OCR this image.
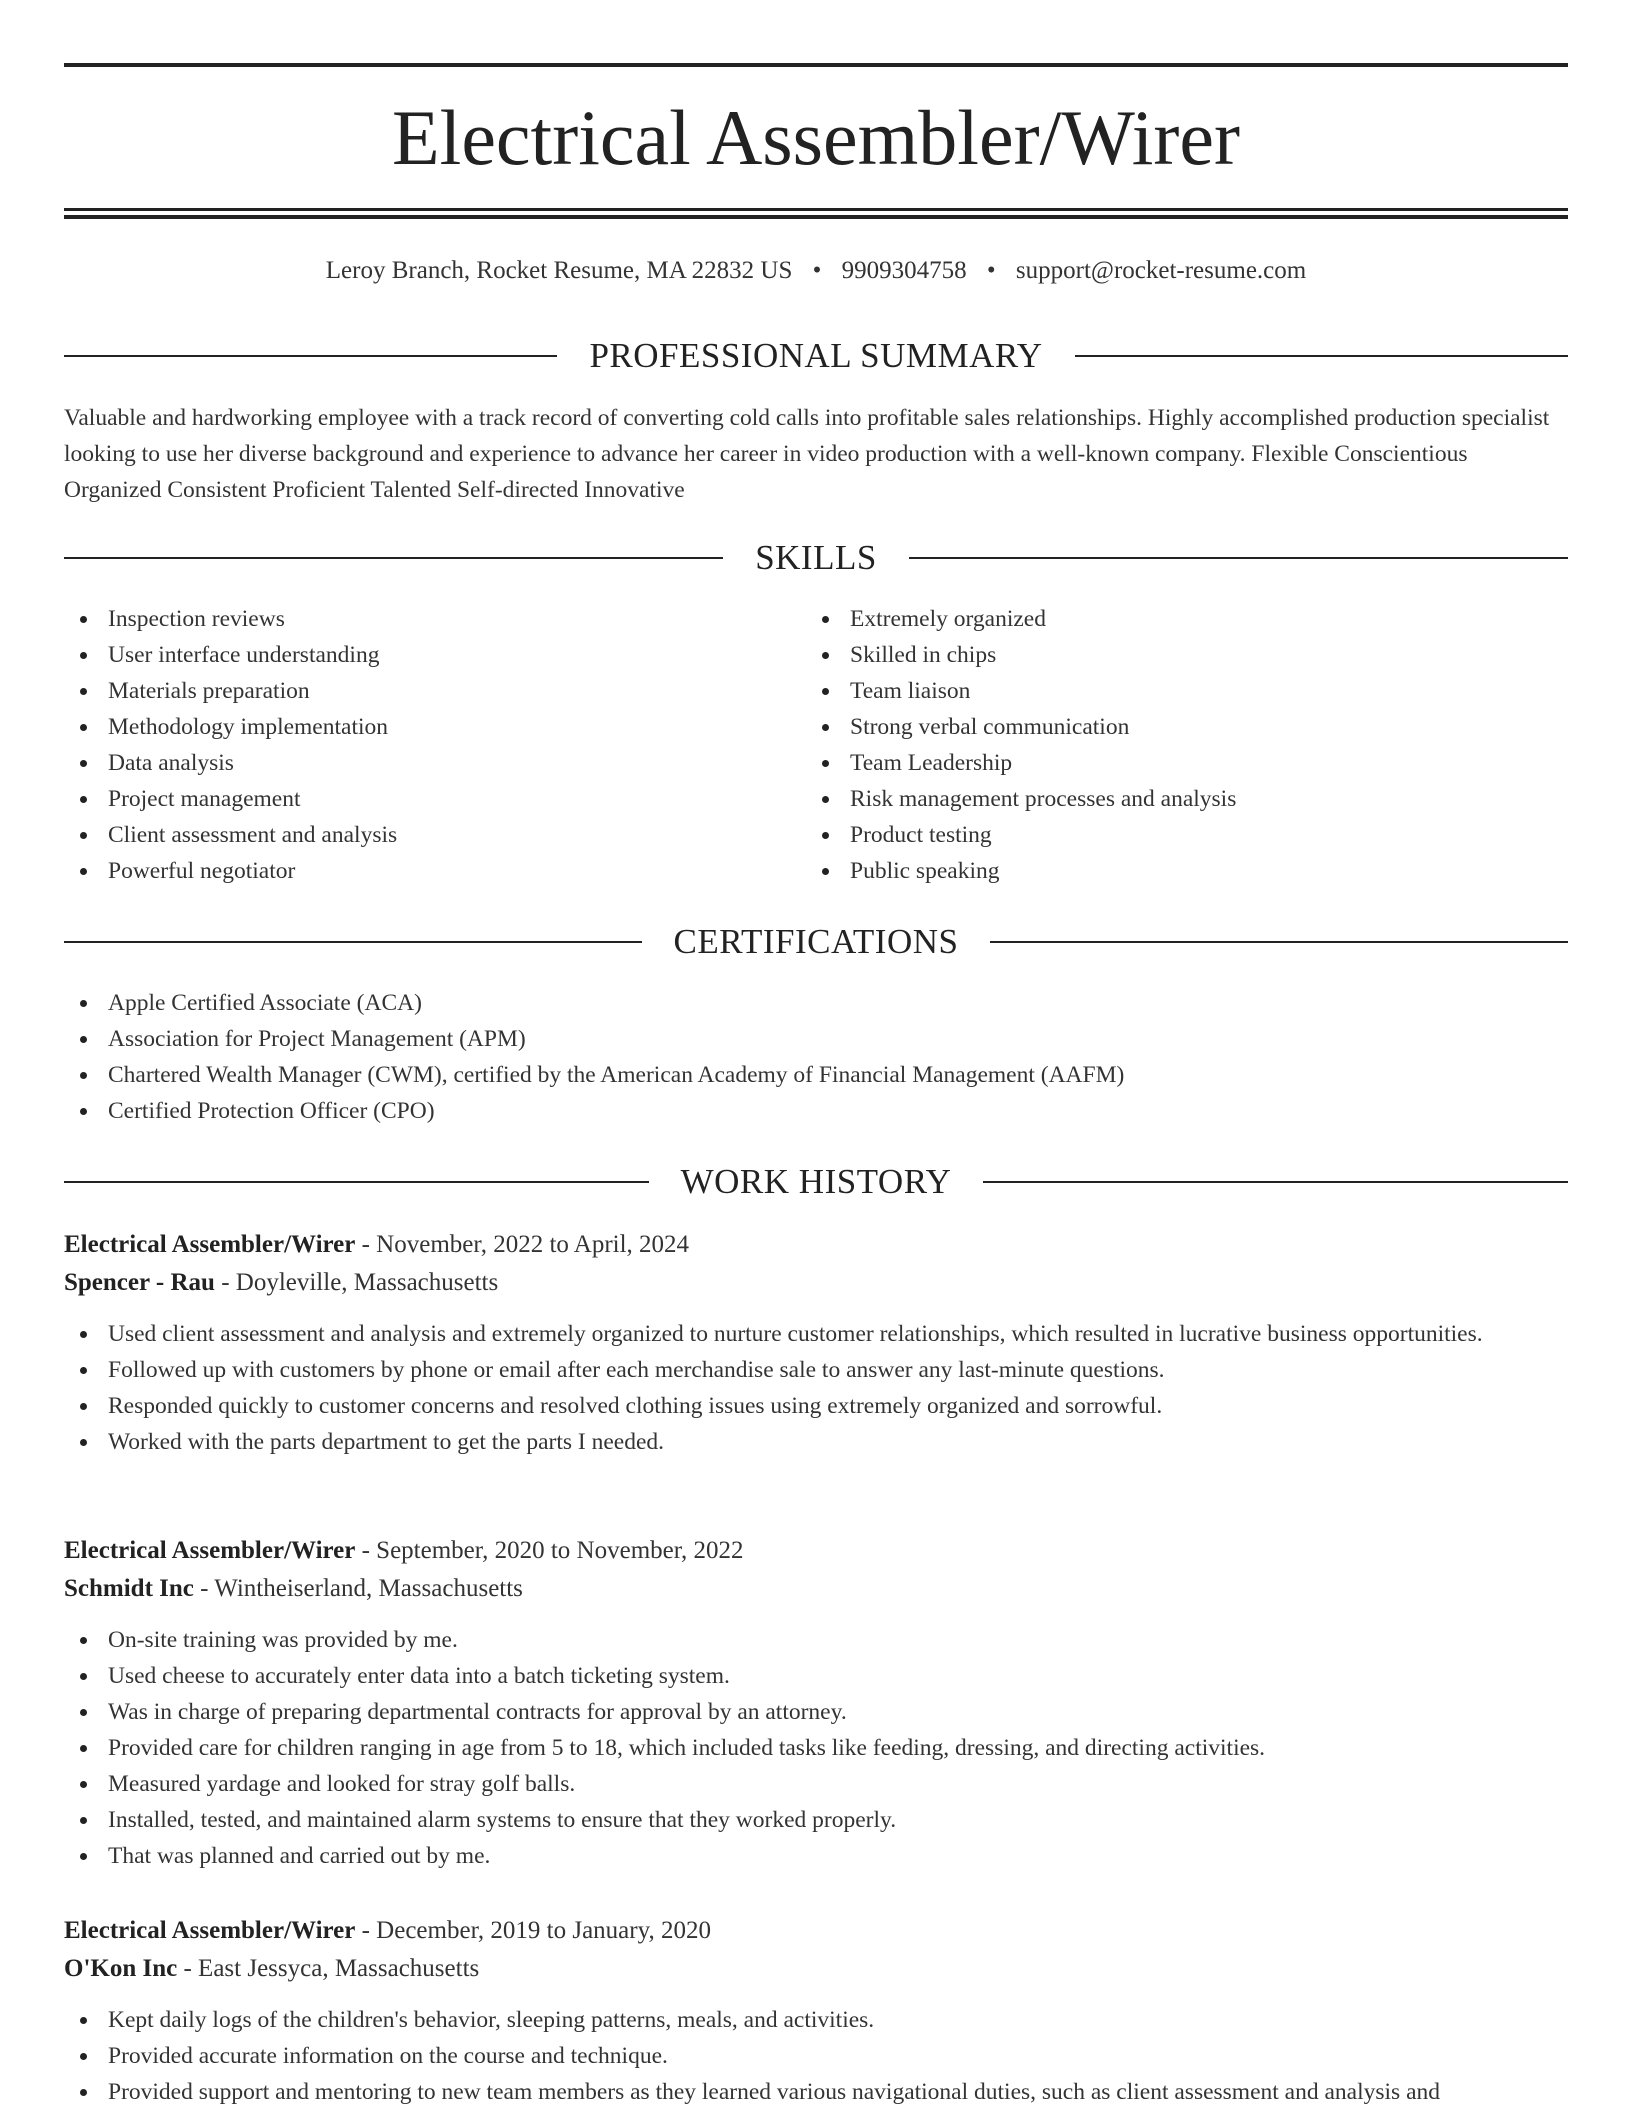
Electrical Assembler/Wirer
Leroy Branch, Rocket Resume, MA 22832 US • 9909304758 • support@rocket-resume.com
PROFESSIONAL SUMMARY

Valuable and hardworking employee with a track record of converting cold calls into profitable sales relationships. Highly accomplished production specialist looking to use her diverse background and experience to advance her career in video production with a well-known company. Flexible Conscientious Organized Consistent Proficient Talented Self-directed Innovative

SKILLS
Inspection reviews
User interface understanding
Materials preparation
Methodology implementation
Data analysis
Project management
Client assessment and analysis
Powerful negotiator
Extremely organized
Skilled in chips
Team liaison
Strong verbal communication
Team Leadership
Risk management processes and analysis
Product testing
Public speaking
CERTIFICATIONS
Apple Certified Associate (ACA)
Association for Project Management (APM)
Chartered Wealth Manager (CWM), certified by the American Academy of Financial Management (AAFM)
Certified Protection Officer (CPO)
WORK HISTORY
Electrical Assembler/Wirer - November, 2022 to April, 2024
Spencer - Rau - Doyleville, Massachusetts
Used client assessment and analysis and extremely organized to nurture customer relationships, which resulted in lucrative business opportunities.
Followed up with customers by phone or email after each merchandise sale to answer any last-minute questions.
Responded quickly to customer concerns and resolved clothing issues using extremely organized and sorrowful.
Worked with the parts department to get the parts I needed.
Electrical Assembler/Wirer - September, 2020 to November, 2022
Schmidt Inc - Wintheiserland, Massachusetts
On-site training was provided by me.
Used cheese to accurately enter data into a batch ticketing system.
Was in charge of preparing departmental contracts for approval by an attorney.
Provided care for children ranging in age from 5 to 18, which included tasks like feeding, dressing, and directing activities.
Measured yardage and looked for stray golf balls.
Installed, tested, and maintained alarm systems to ensure that they worked properly.
That was planned and carried out by me.
Electrical Assembler/Wirer - December, 2019 to January, 2020
O'Kon Inc - East Jessyca, Massachusetts
Kept daily logs of the children's behavior, sleeping patterns, meals, and activities.
Provided accurate information on the course and technique.
Provided support and mentoring to new team members as they learned various navigational duties, such as client assessment and analysis and
